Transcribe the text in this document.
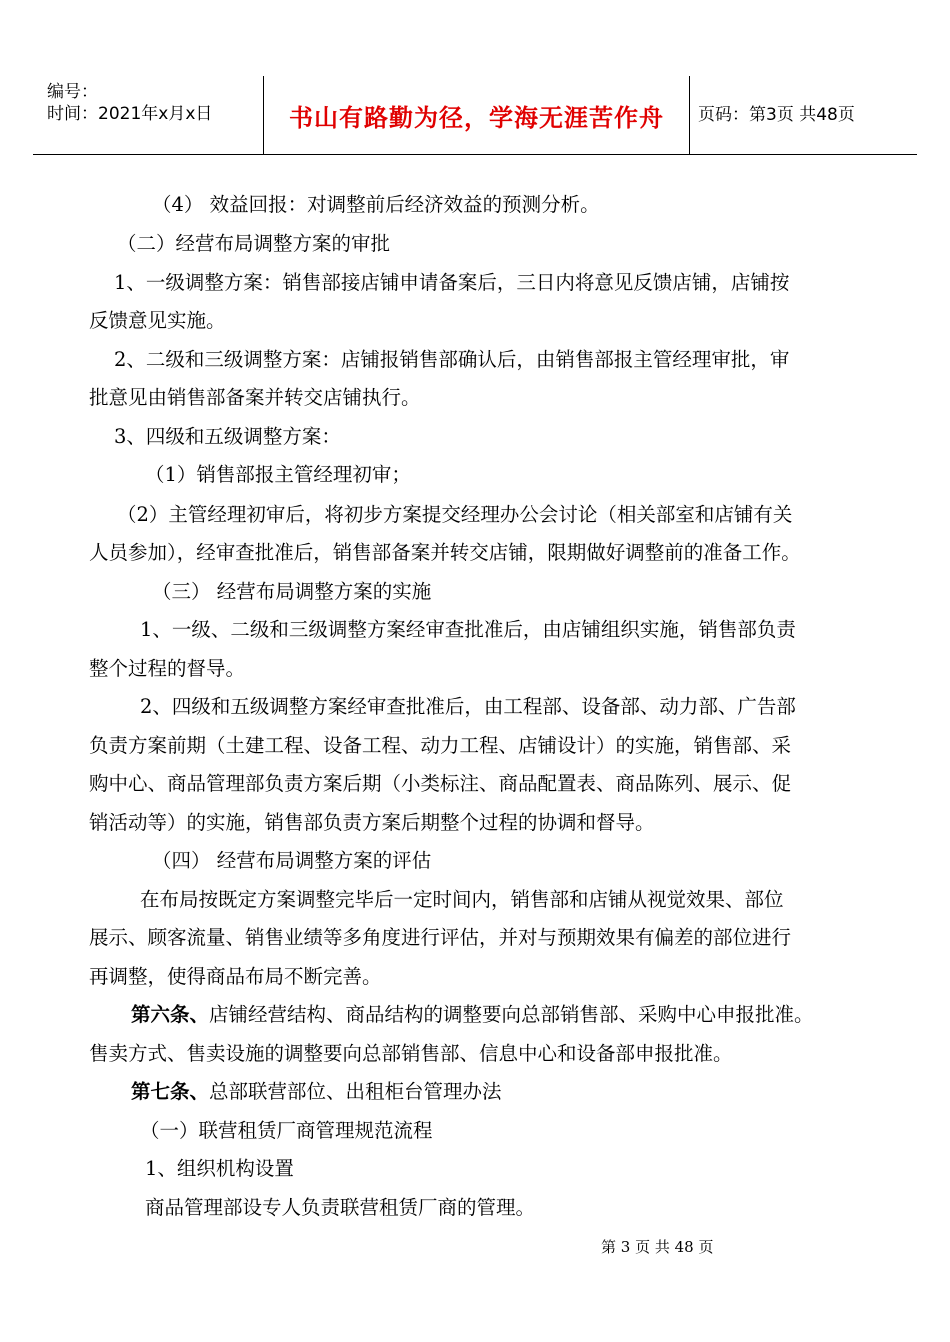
编号：
时间：2021年x月x日	书山有路勤为径，学海无涯苦作舟 页码：第3页 共48页
（4） 效益回报：对调整前后经济效益的预测分析。
（二）经营布局调整方案的审批
1、一级调整方案：销售部接店铺申请备案后，三日内将意见反馈店铺，店铺按
反馈意见实施。
2、二级和三级调整方案：店铺报销售部确认后，由销售部报主管经理审批，审
批意见由销售部备案并转交店铺执行。
3、四级和五级调整方案：
（1）销售部报主管经理初审；
（2）主管经理初审后，将初步方案提交经理办公会讨论（相关部室和店铺有关
人员参加），经审查批准后，销售部备案并转交店铺，限期做好调整前的准备工作。
（三） 经营布局调整方案的实施
1、一级、二级和三级调整方案经审查批准后，由店铺组织实施，销售部负责
整个过程的督导。
2、四级和五级调整方案经审查批准后，由工程部、设备部、动力部、广告部
负责方案前期（土建工程、设备工程、动力工程、店铺设计）的实施，销售部、采
购中心、商品管理部负责方案后期（小类标注、商品配置表、商品陈列、展示、促
销活动等）的实施，销售部负责方案后期整个过程的协调和督导。
（四） 经营布局调整方案的评估
在布局按既定方案调整完毕后一定时间内，销售部和店铺从视觉效果、部位
展示、顾客流量、销售业绩等多角度进行评估，并对与预期效果有偏差的部位进行
再调整，使得商品布局不断完善。
第六条、店铺经营结构、商品结构的调整要向总部销售部、采购中心申报批准。
售卖方式、售卖设施的调整要向总部销售部、信息中心和设备部申报批准。
第七条、总部联营部位、出租柜台管理办法
（一）联营租赁厂商管理规范流程
1、组织机构设置
商品管理部设专人负责联营租赁厂商的管理。
第 3 页 共 48 页
